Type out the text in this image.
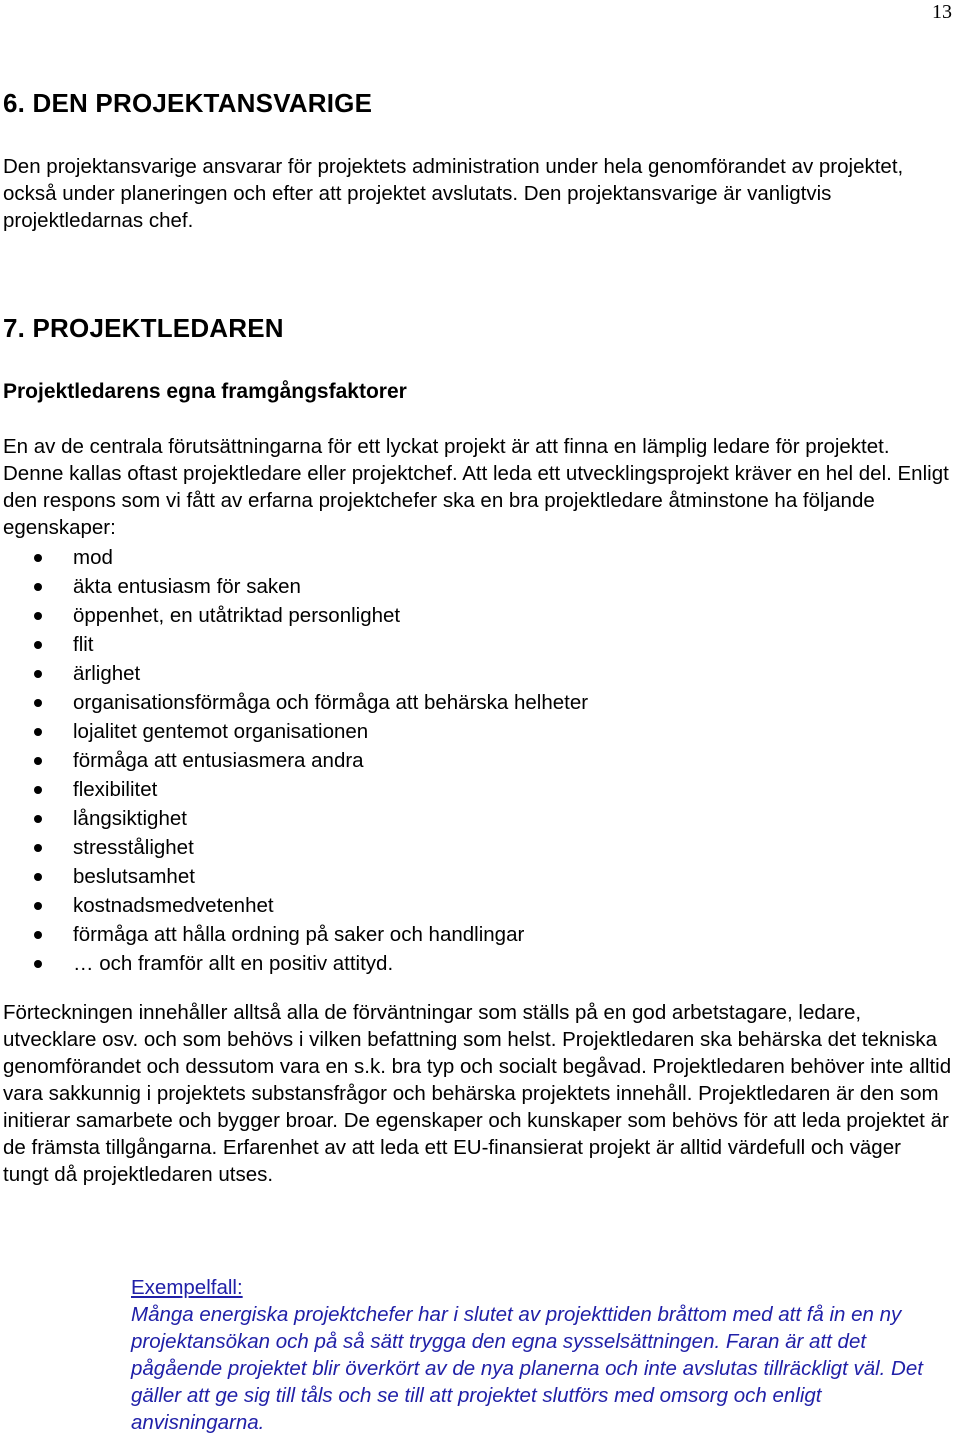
13
6. DEN PROJEKTANSVARIGE

Den projektansvarige ansvarar för projektets administration under hela genomförandet av projektet, också under planeringen och efter att projektet avslutats. Den projektansvarige är vanligtvis projektledarnas chef.

7. PROJEKTLEDAREN
Projektledarens egna framgångsfaktorer

En av de centrala förutsättningarna för ett lyckat projekt är att finna en lämplig ledare för projektet. Denne kallas oftast projektledare eller projektchef. Att leda ett utvecklingsprojekt kräver en hel del. Enligt den respons som vi fått av erfarna projektchefer ska en bra projektledare åtminstone ha följande egenskaper:

mod
äkta entusiasm för saken
öppenhet, en utåtriktad personlighet
flit
ärlighet
organisationsförmåga och förmåga att behärska helheter
lojalitet gentemot organisationen
förmåga att entusiasmera andra
flexibilitet
långsiktighet
stresstålighet
beslutsamhet
kostnadsmedvetenhet
förmåga att hålla ordning på saker och handlingar
… och framför allt en positiv attityd.

Förteckningen innehåller alltså alla de förväntningar som ställs på en god arbetstagare, ledare, utvecklare osv. och som behövs i vilken befattning som helst. Projektledaren ska behärska det tekniska genomförandet och dessutom vara en s.k. bra typ och socialt begåvad. Projektledaren behöver inte alltid vara sakkunnig i projektets substansfrågor och behärska projektets innehåll. Projektledaren är den som initierar samarbete och bygger broar. De egenskaper och kunskaper som behövs för att leda projektet är de främsta tillgångarna. Erfarenhet av att leda ett EU-finansierat projekt är alltid värdefull och väger tungt då projektledaren utses.

Exempelfall:
Många energiska projektchefer har i slutet av projekttiden bråttom med att få in en ny projektansökan och på så sätt trygga den egna sysselsättningen. Faran är att det pågående projektet blir överkört av de nya planerna och inte avslutas tillräckligt väl. Det gäller att ge sig till tåls och se till att projektet slutförs med omsorg och enligt anvisningarna.
